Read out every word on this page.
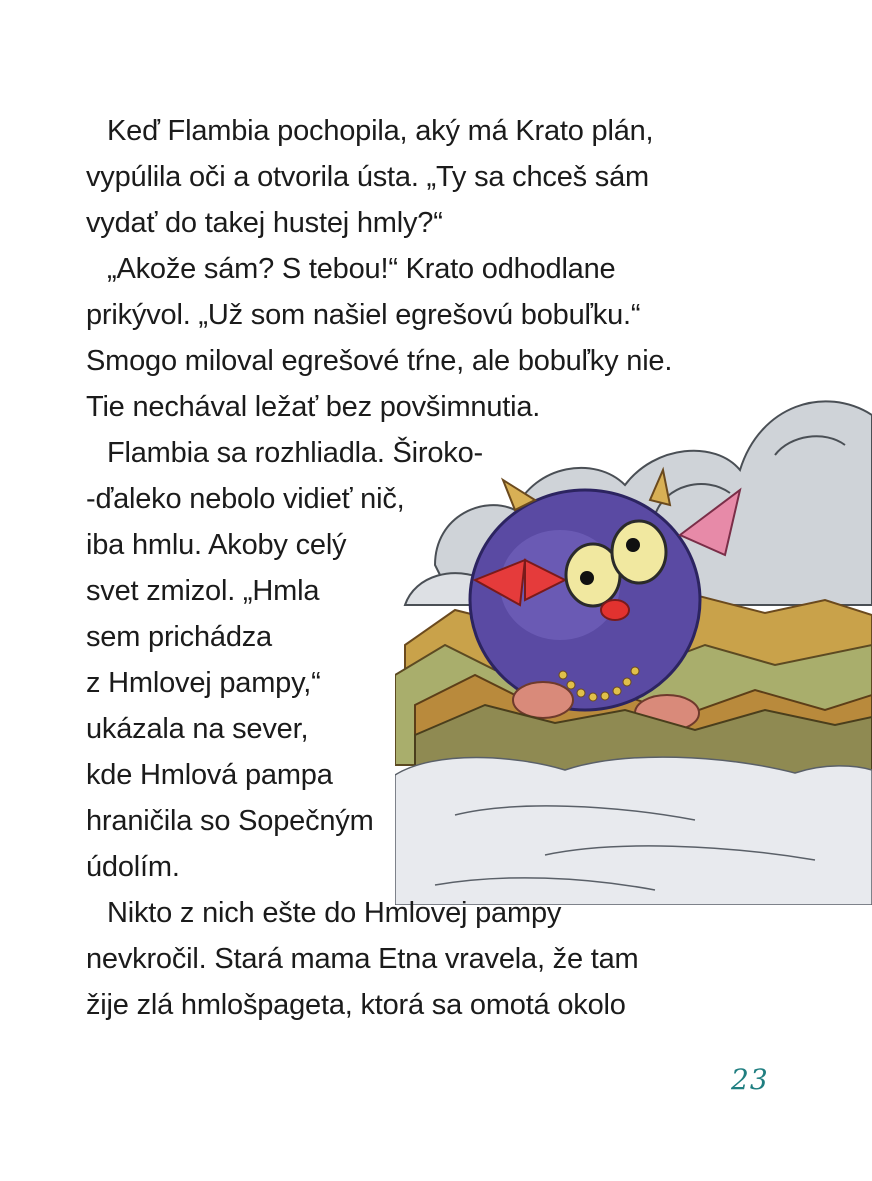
Keď Flambia pochopila, aký má Krato plán,
vypúlila oči a otvorila ústa. „Ty sa chceš sám
vydať do takej hustej hmly?“
„Akože sám? S tebou!“ Krato odhodlane
prikývol. „Už som našiel egrešovú bobuľku.“
Smogo miloval egrešové tŕne, ale bobuľky nie.
Tie nechával ležať bez povšimnutia.
Flambia sa rozhliadla. Široko-
-ďaleko nebolo vidieť nič,
iba hmlu. Akoby celý
svet zmizol. „Hmla
sem prichádza
z Hmlovej pampy,“
ukázala na sever,
kde Hmlová pampa
hraničila so Sopečným
údolím.
Nikto z nich ešte do Hmlovej pampy
nevkročil. Stará mama Etna vravela, že tam
žije zlá hmlošpageta, ktorá sa omotá okolo
23
